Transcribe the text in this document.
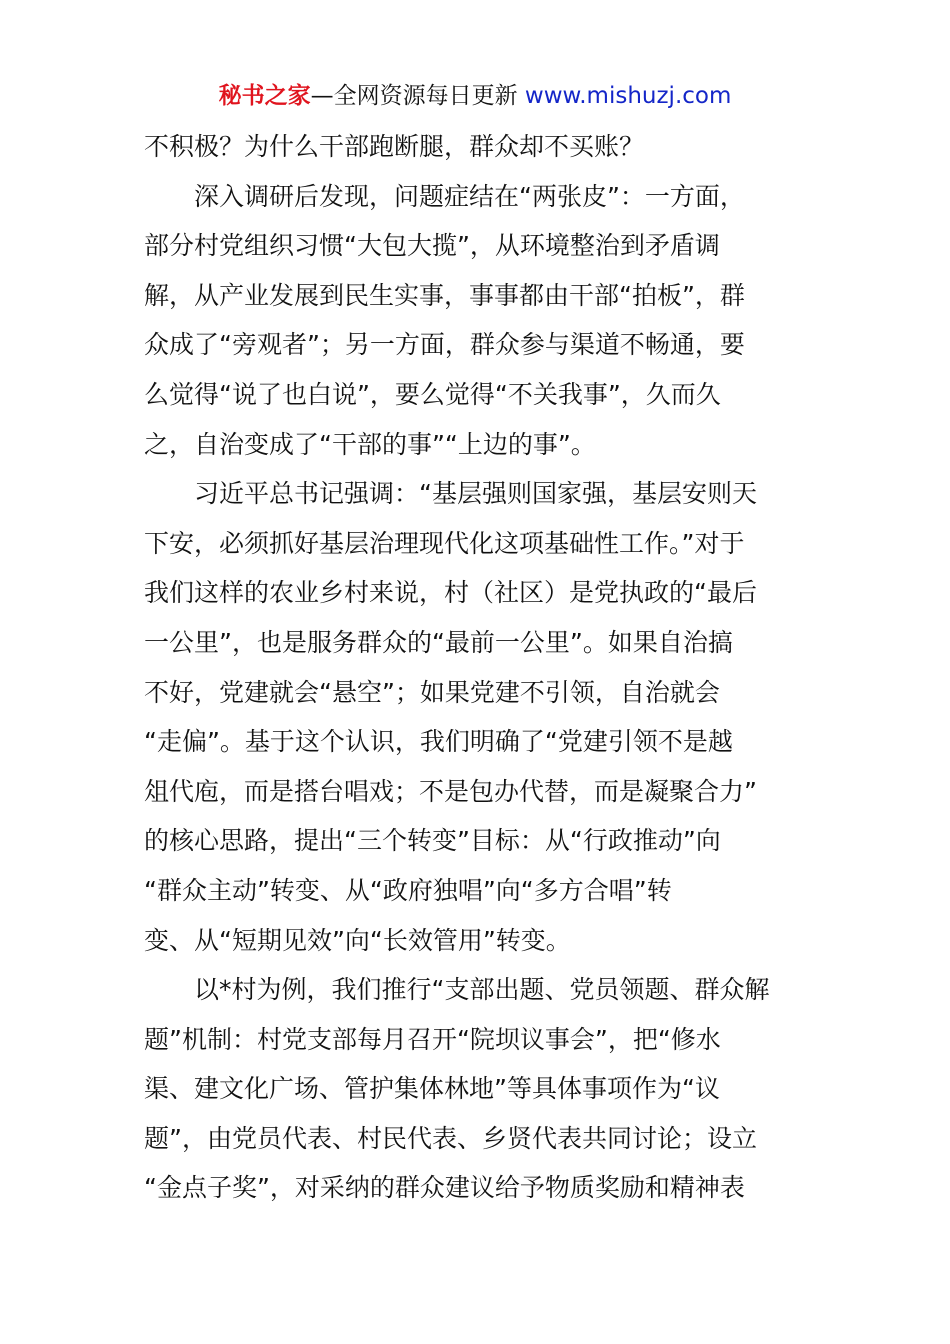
秘书之家—全网资源每日更新 www.mishuzj.com
不积极？为什么干部跑断腿，群众却不买账？
深入调研后发现，问题症结在“两张皮”：一方面，
部分村党组织习惯“大包大揽”，从环境整治到矛盾调
解，从产业发展到民生实事，事事都由干部“拍板”，群
众成了“旁观者”；另一方面，群众参与渠道不畅通，要
么觉得“说了也白说”，要么觉得“不关我事”，久而久
之，自治变成了“干部的事”“上边的事”。
习近平总书记强调：“基层强则国家强，基层安则天
下安，必须抓好基层治理现代化这项基础性工作。”对于
我们这样的农业乡村来说，村（社区）是党执政的“最后
一公里”，也是服务群众的“最前一公里”。如果自治搞
不好，党建就会“悬空”；如果党建不引领，自治就会
“走偏”。基于这个认识，我们明确了“党建引领不是越
俎代庖，而是搭台唱戏；不是包办代替，而是凝聚合力”
的核心思路，提出“三个转变”目标：从“行政推动”向
“群众主动”转变、从“政府独唱”向“多方合唱”转
变、从“短期见效”向“长效管用”转变。
以*村为例，我们推行“支部出题、党员领题、群众解
题”机制：村党支部每月召开“院坝议事会”，把“修水
渠、建文化广场、管护集体林地”等具体事项作为“议
题”，由党员代表、村民代表、乡贤代表共同讨论；设立
“金点子奖”，对采纳的群众建议给予物质奖励和精神表
